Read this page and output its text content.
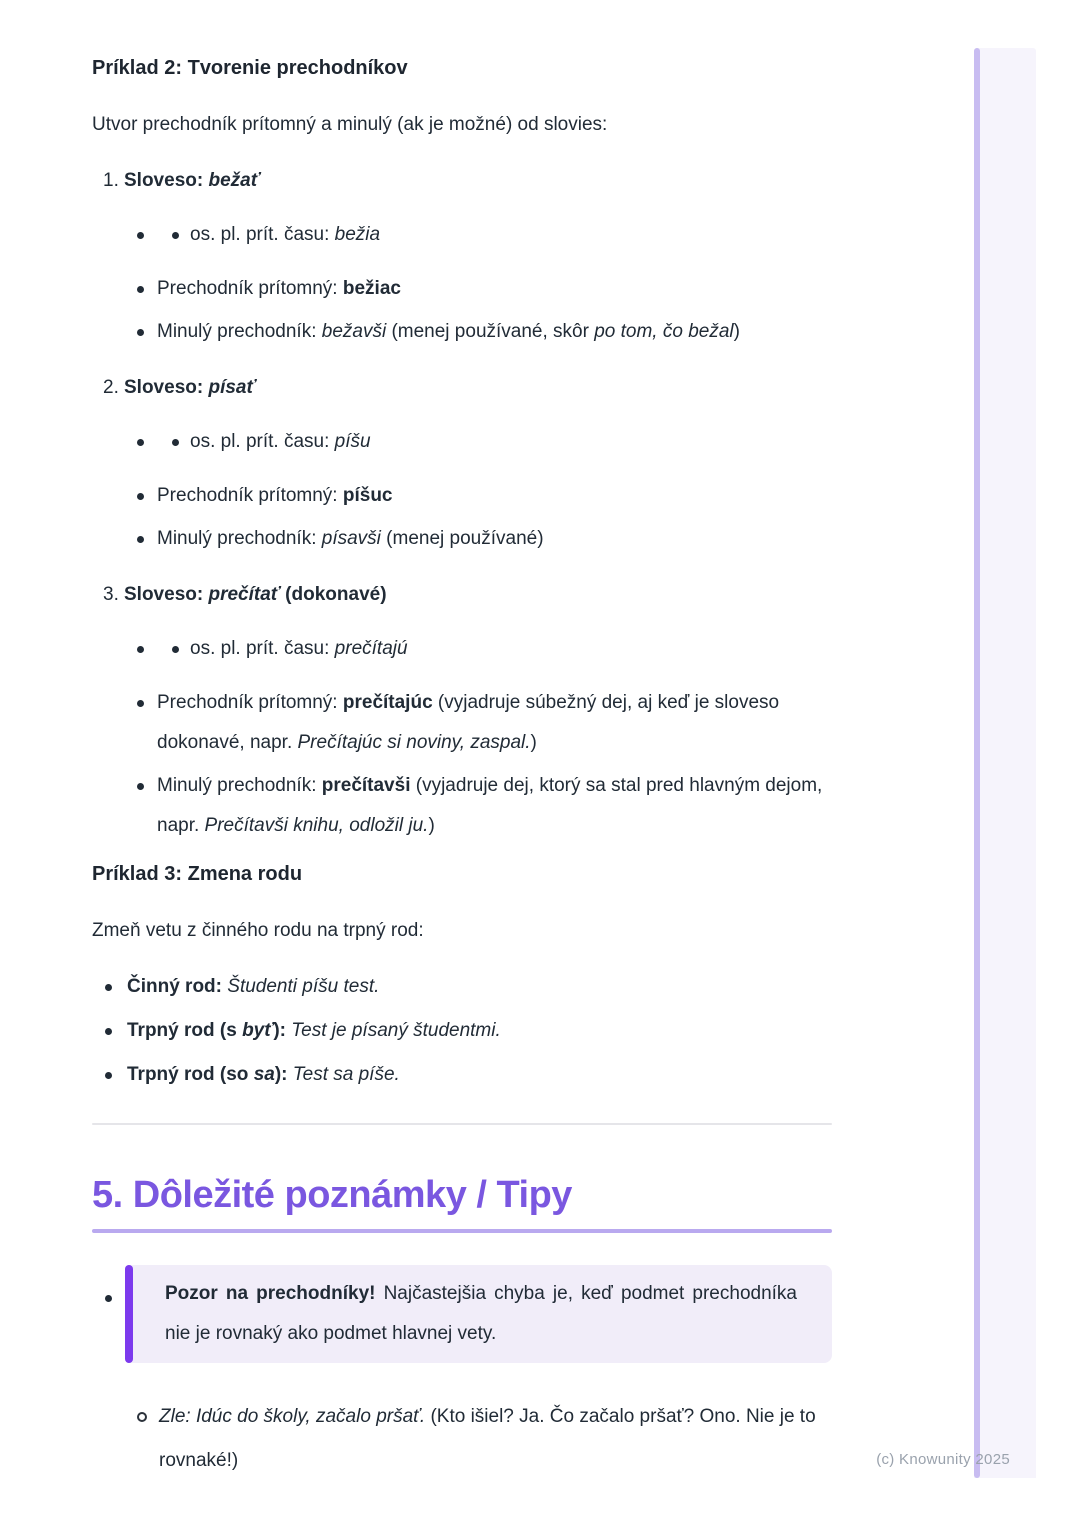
Príklad 2: Tvorenie prechodníkov

Utvor prechodník prítomný a minulý (ak je možné) od slovies:

1. Sloveso: bežať
os. pl. prít. času: bežia
Prechodník prítomný: bežiac
Minulý prechodník: bežavši (menej používané, skôr po tom, čo bežal)
2. Sloveso: písať
os. pl. prít. času: píšu
Prechodník prítomný: píšuc
Minulý prechodník: písavši (menej používané)
3. Sloveso: prečítať (dokonavé)
os. pl. prít. času: prečítajú
Prechodník prítomný: prečítajúc (vyjadruje súbežný dej, aj keď je sloveso dokonavé, napr. Prečítajúc si noviny, zaspal.)
Minulý prechodník: prečítavši (vyjadruje dej, ktorý sa stal pred hlavným dejom, napr. Prečítavši knihu, odložil ju.)
Príklad 3: Zmena rodu

Zmeň vetu z činného rodu na trpný rod:

Činný rod: Študenti píšu test.
Trpný rod (s byť): Test je písaný študentmi.
Trpný rod (so sa): Test sa píše.
5. Dôležité poznámky / Tipy
Pozor na prechodníky! Najčastejšia chyba je, keď podmet prechodníka nie je rovnaký ako podmet hlavnej vety.
Zle: Idúc do školy, začalo pršať. (Kto išiel? Ja. Čo začalo pršať? Ono. Nie je to rovnaké!)	(c) Knowunity 2025
